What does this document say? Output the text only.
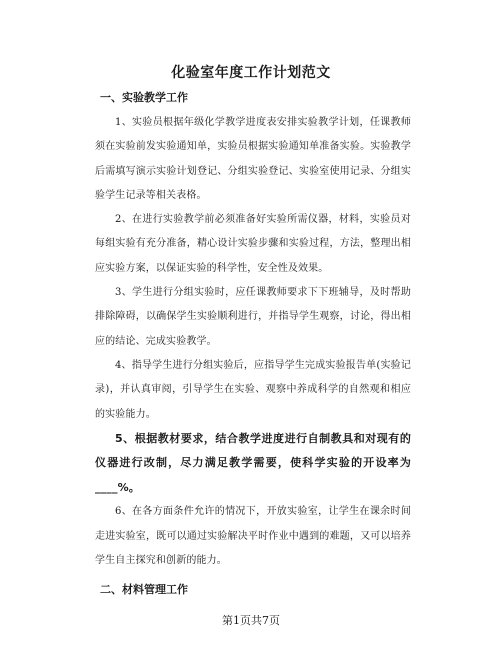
化验室年度工作计划范文
一、实验教学工作

1、实验员根据年级化学教学进度表安排实验教学计划，任课教师须在实验前发实验通知单，实验员根据实验通知单准备实验。实验教学后需填写演示实验计划登记、分组实验登记、实验室使用记录、分组实验学生记录等相关表格。

2、在进行实验教学前必须准备好实验所需仪器，材料，实验员对每组实验有充分准备，精心设计实验步骤和实验过程，方法，整理出相应实验方案，以保证实验的科学性，安全性及效果。

3、学生进行分组实验时，应任课教师要求下下班辅导，及时帮助排除障碍，以确保学生实验顺利进行，并指导学生观察，讨论，得出相应的结论、完成实验教学。

4、指导学生进行分组实验后，应指导学生完成实验报告单(实验记录)，并认真审阅，引导学生在实验、观察中养成科学的自然观和相应的实验能力。

5、根据教材要求，结合教学进度进行自制教具和对现有的仪器进行改制，尽力满足教学需要，使科学实验的开设率为____%。

6、在各方面条件允许的情况下，开放实验室，让学生在课余时间走进实验室，既可以通过实验解决平时作业中遇到的难题，又可以培养学生自主探究和创新的能力。

二、材料管理工作
第1页共7页
